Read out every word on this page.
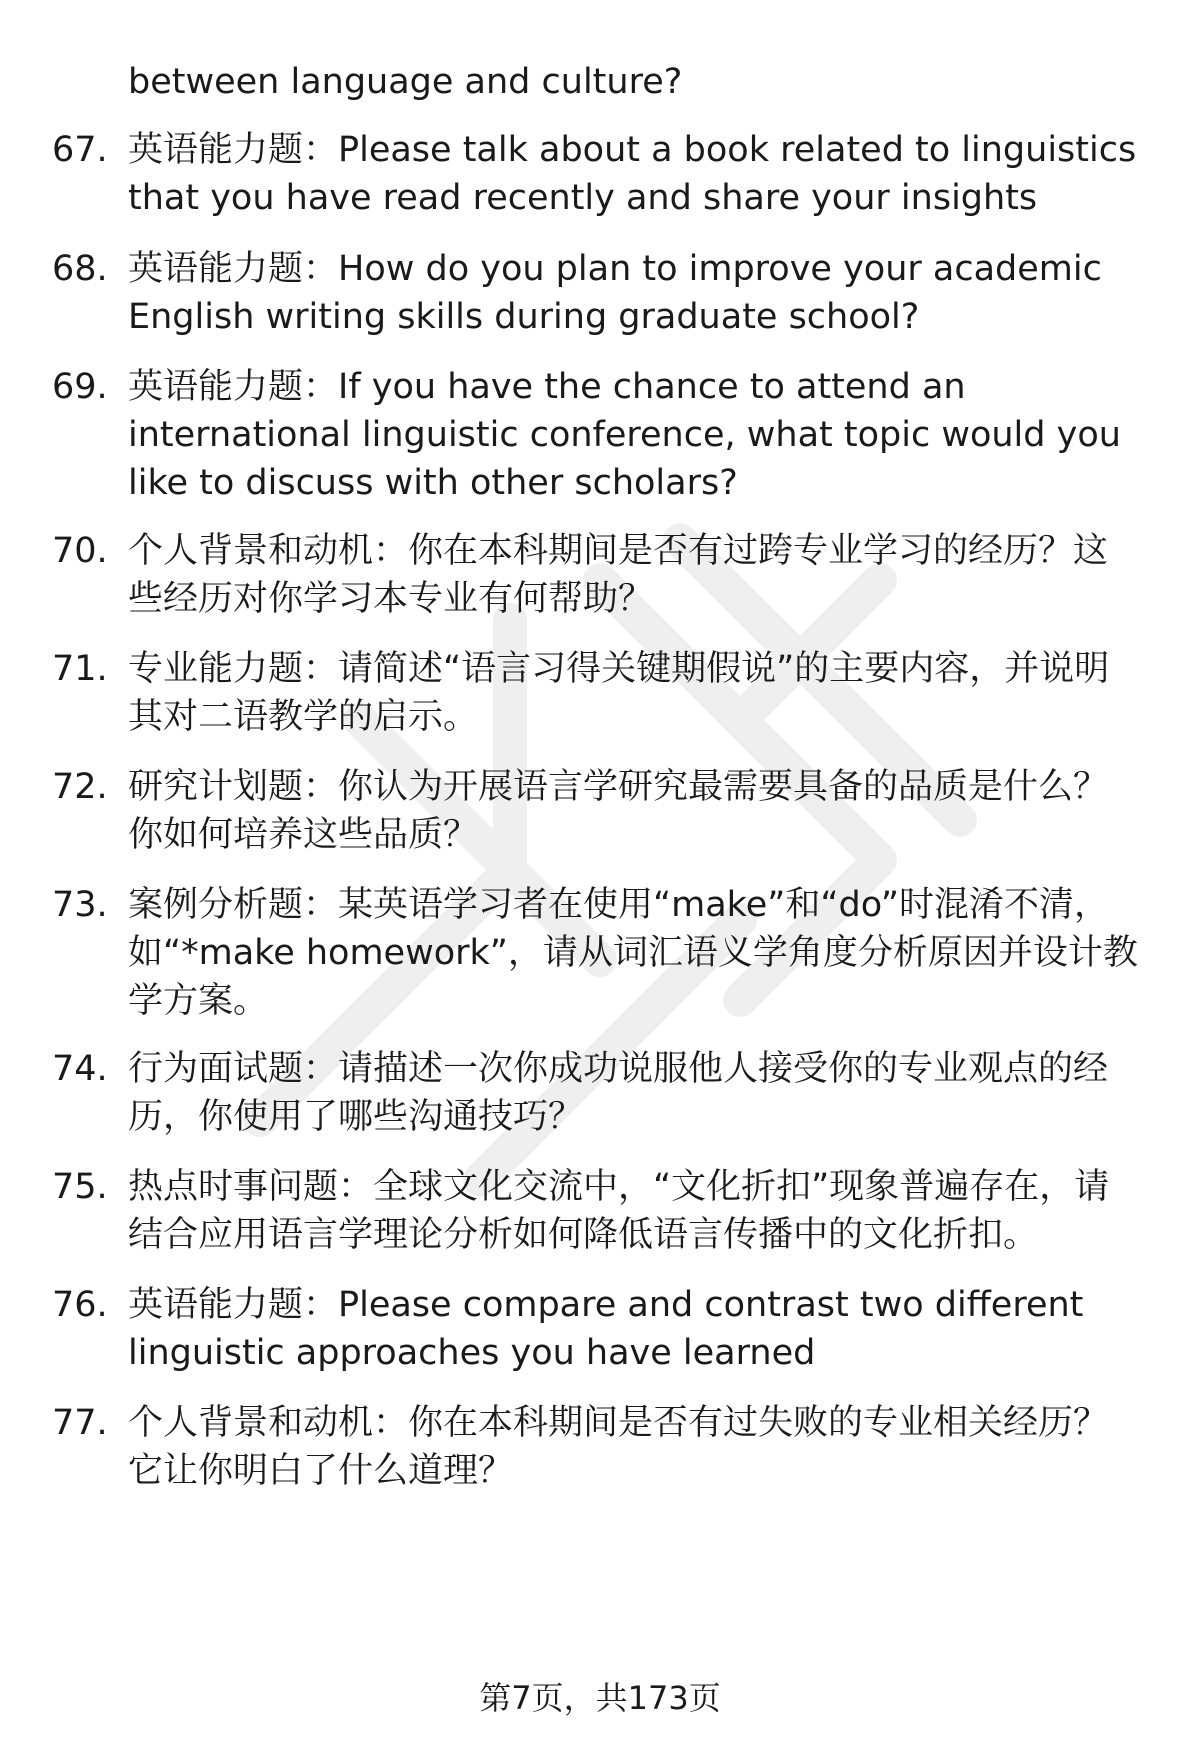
between language and culture?

67. 英语能力题：Please talk about a book related to linguistics that you have read recently and share your insights
68. 英语能力题：How do you plan to improve your academic English writing skills during graduate school?
69. 英语能力题：If you have the chance to attend an international linguistic conference, what topic would you like to discuss with other scholars?
70. 个人背景和动机：你在本科期间是否有过跨专业学习的经历？这些经历对你学习本专业有何帮助？
71. 专业能力题：请简述“语言习得关键期假说”的主要内容，并说明其对二语教学的启示。
72. 研究计划题：你认为开展语言学研究最需要具备的品质是什么？你如何培养这些品质？
73. 案例分析题：某英语学习者在使用“make”和“do”时混淆不清，如“*make homework”，请从词汇语义学角度分析原因并设计教学方案。
74. 行为面试题：请描述一次你成功说服他人接受你的专业观点的经历，你使用了哪些沟通技巧？
75. 热点时事问题：全球文化交流中，“文化折扣”现象普遍存在，请结合应用语言学理论分析如何降低语言传播中的文化折扣。
76. 英语能力题：Please compare and contrast two different linguistic approaches you have learned
77. 个人背景和动机：你在本科期间是否有过失败的专业相关经历？它让你明白了什么道理？

第7页，共173页
